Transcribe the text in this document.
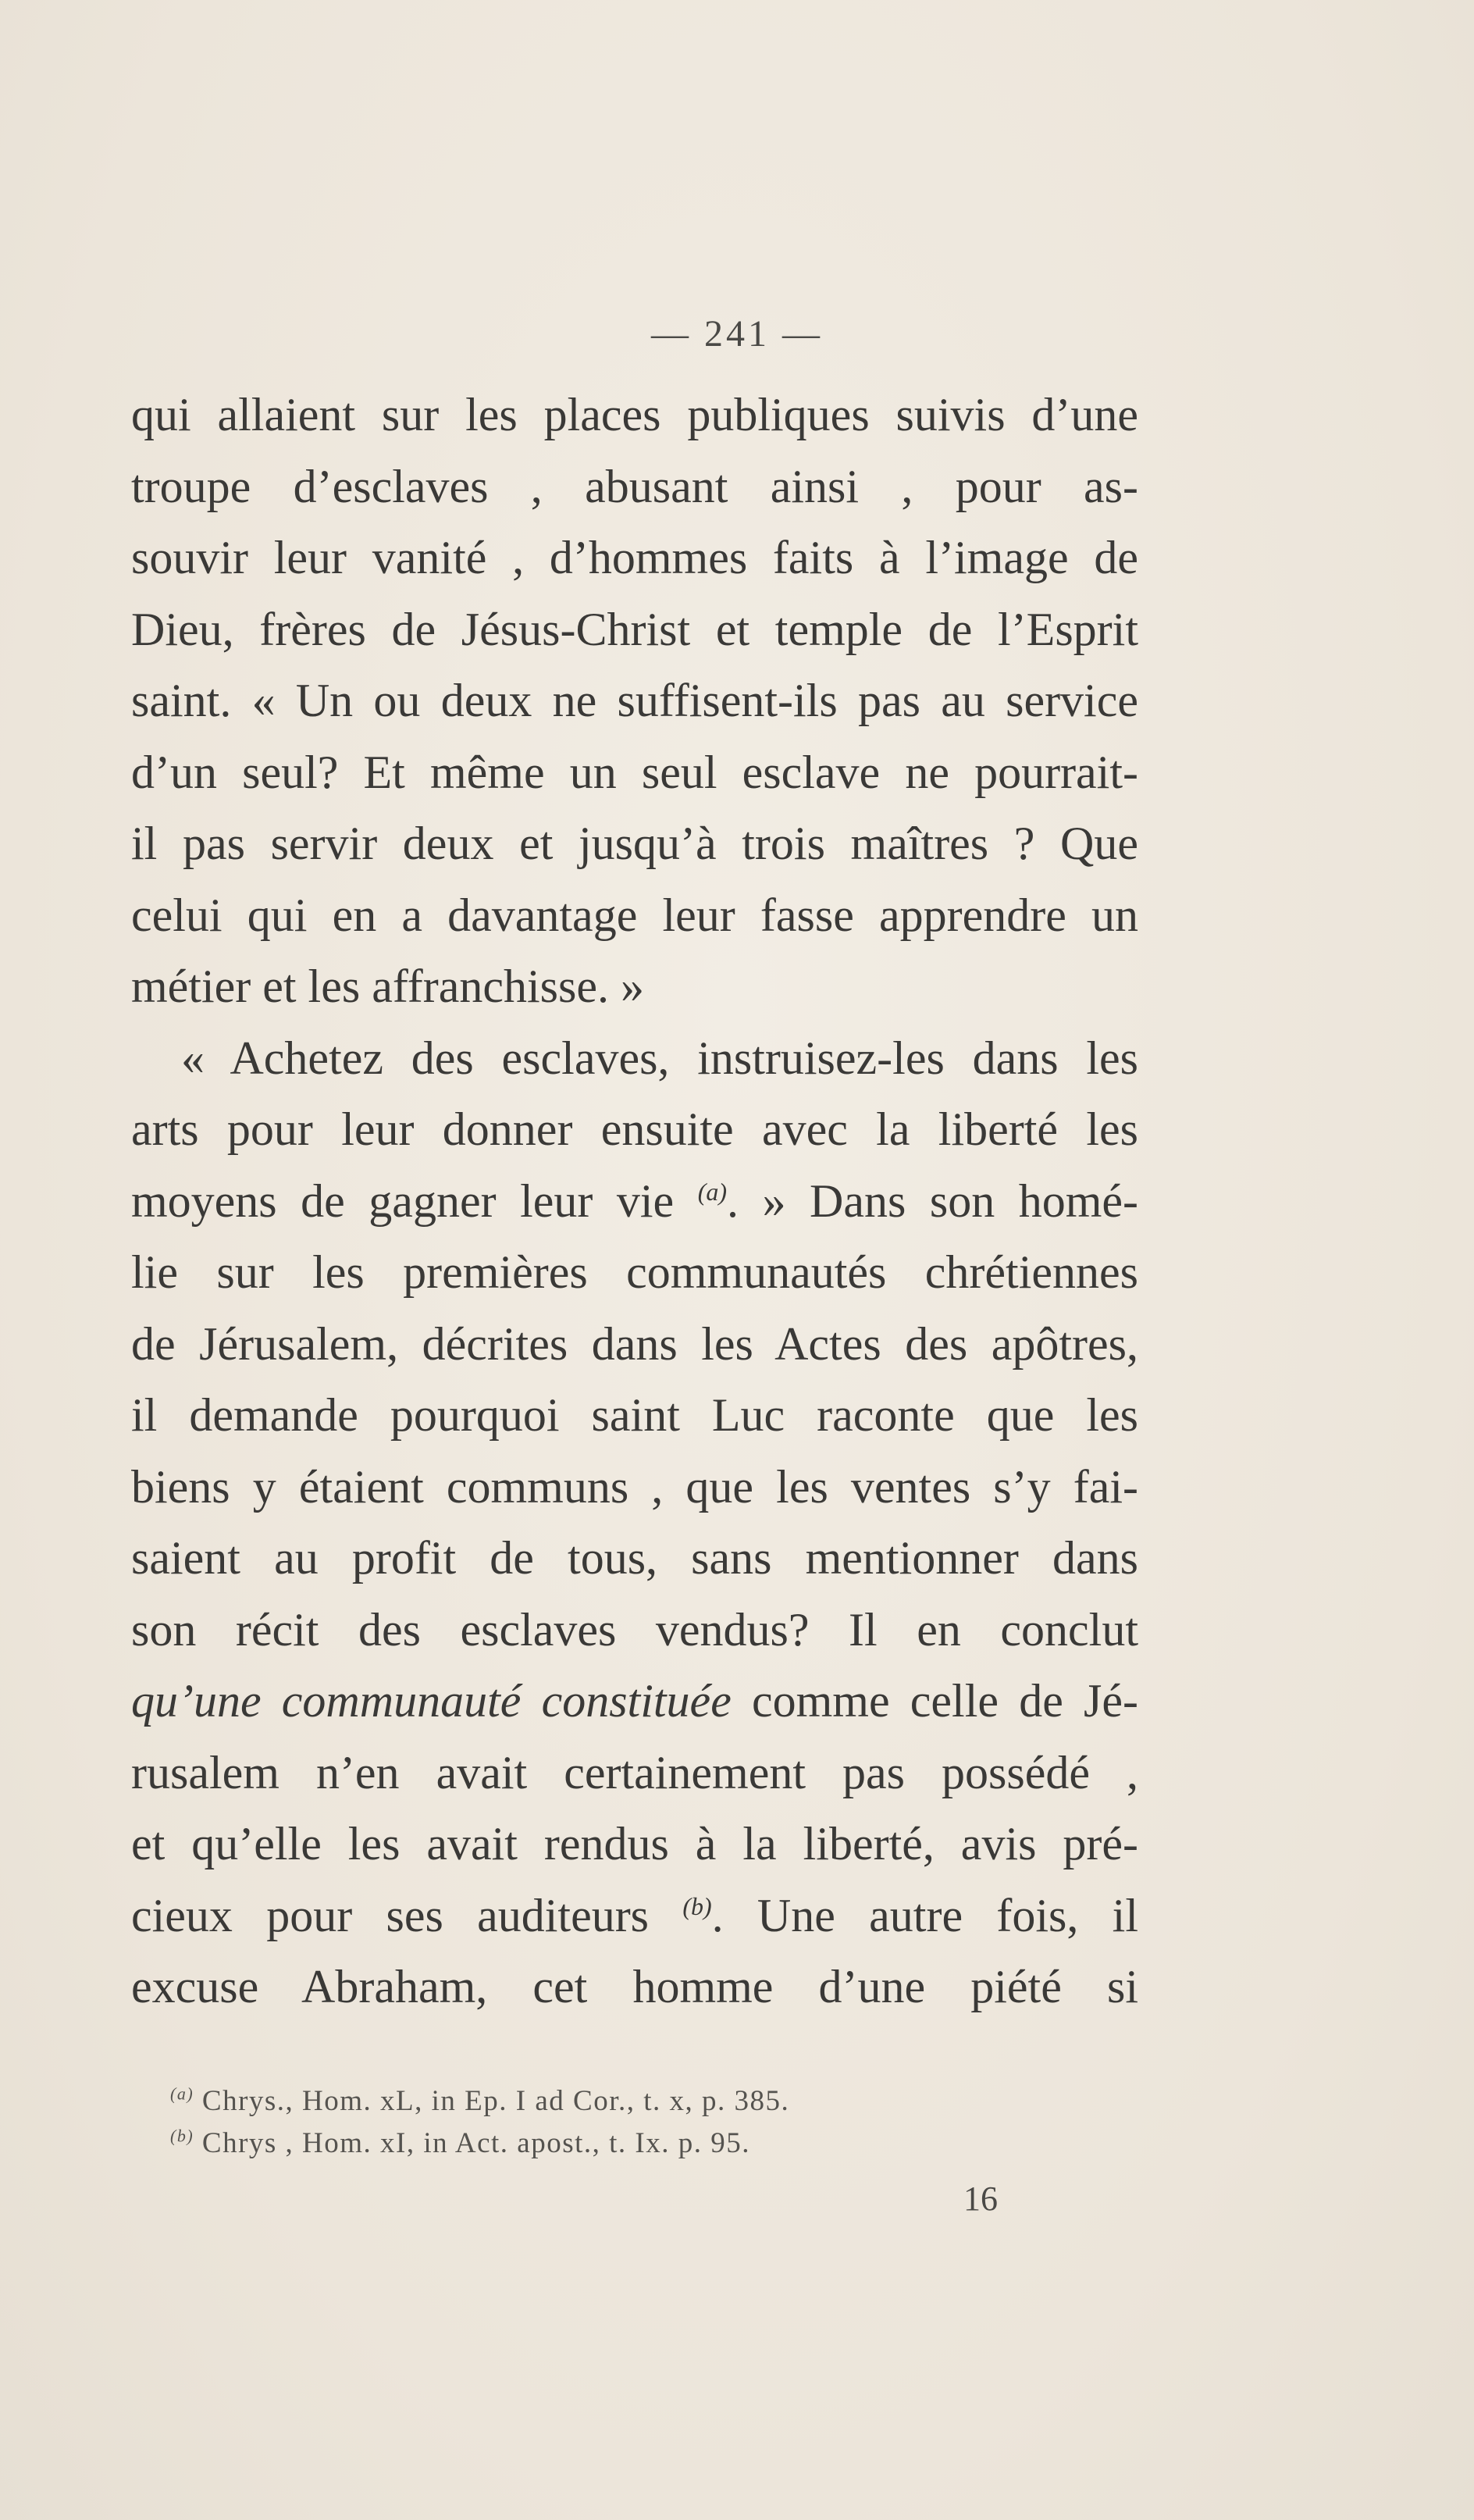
— 241 —
qui allaient sur les places publiques suivis d’une
troupe d’esclaves , abusant ainsi , pour as-
souvir leur vanité , d’hommes faits à l’image de
Dieu, frères de Jésus-Christ et temple de l’Esprit
saint. « Un ou deux ne suffisent-ils pas au service
d’un seul? Et même un seul esclave ne pourrait-
il pas servir deux et jusqu’à trois maîtres ? Que
celui qui en a davantage leur fasse apprendre un
métier et les affranchisse. »
« Achetez des esclaves, instruisez-les dans les
arts pour leur donner ensuite avec la liberté les
moyens de gagner leur vie $^{(a)}$. » Dans son homé-
lie sur les premières communautés chrétiennes
de Jérusalem, décrites dans les Actes des apôtres,
il demande pourquoi saint Luc raconte que les
biens y étaient communs , que les ventes s’y fai-
saient au profit de tous, sans mentionner dans
son récit des esclaves vendus? Il en conclut
qu’une communauté constituée comme celle de Jé-
rusalem n’en avait certainement pas possédé ,
et qu’elle les avait rendus à la liberté, avis pré-
cieux pour ses auditeurs $^{(b)}$. Une autre fois, il
excuse Abraham, cet homme d’une piété si
$^{(a)}$ Chrys., Hom. xL, in Ep. I ad Cor., t. x, p. 385.
$^{(b)}$ Chrys , Hom. xI, in Act. apost., t. Ix. p. 95.
16
